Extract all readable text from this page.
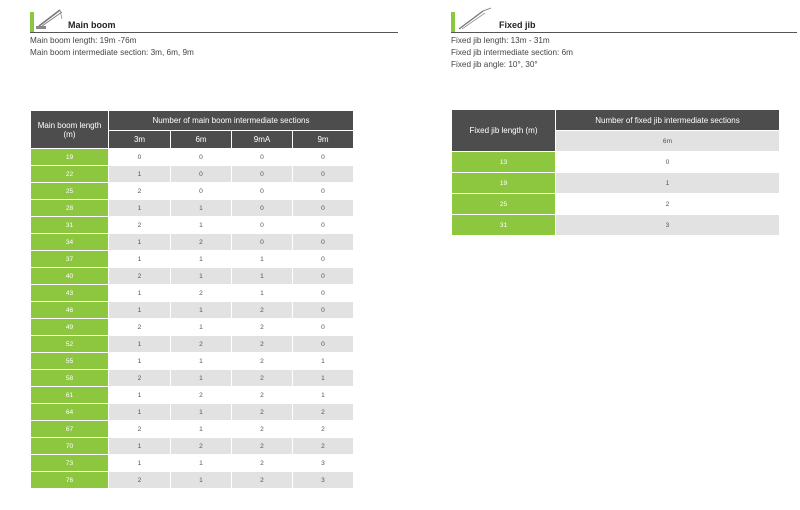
Main boom
Main boom length: 19m -76m
Main boom intermediate section: 3m, 6m, 9m
Main boom length (m)	Number of main boom intermediate sections			
	3m	6m	9mA	9m
19	0	0	0	0
22	1	0	0	0
25	2	0	0	0
28	1	1	0	0
31	2	1	0	0
34	1	2	0	0
37	1	1	1	0
40	2	1	1	0
43	1	2	1	0
46	1	1	2	0
49	2	1	2	0
52	1	2	2	0
55	1	1	2	1
58	2	1	2	1
61	1	2	2	1
64	1	1	2	2
67	2	1	2	2
70	1	2	2	2
73	1	1	2	3
76	2	1	2	3
Fixed jib
Fixed jib length: 13m - 31m
Fixed jib intermediate section: 6m
Fixed jib angle: 10°, 30°
Fixed jib length (m)	Number of fixed jib intermediate sections
	6m
13	0
19	1
25	2
31	3
